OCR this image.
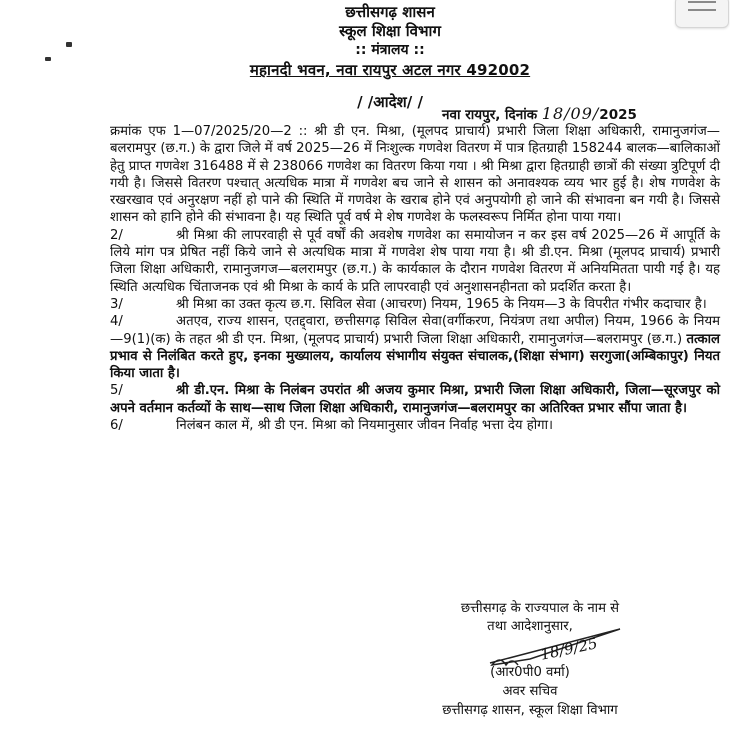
छत्तीसगढ़ शासन
स्कूल शिक्षा विभाग
:: मंत्रालय ::
महानदी भवन, नवा रायपुर अटल नगर 492002
/ /आदेश/ /
नवा रायपुर, दिनांक 18/09/2025

क्रमांक एफ 1—07/2025/20—2 :: श्री डी एन. मिश्रा, (मूलपद प्राचार्य) प्रभारी जिला शिक्षा अधिकारी, रामानुजगंज—बलरामपुर (छ.ग.) के द्वारा जिले में वर्ष 2025—26 में निःशुल्क गणवेश वितरण में पात्र हितग्राही 158244 बालक—बालिकाओं हेतु प्राप्त गणवेश 316488 में से 238066 गणवेश का वितरण किया गया । श्री मिश्रा द्वारा हितग्राही छात्रों की संख्या त्रुटिपूर्ण दी गयी है। जिससे वितरण पश्चात् अत्यधिक मात्रा में गणवेश बच जाने से शासन को अनावश्यक व्यय भार हुई है। शेष गणवेश के रखरखाव एवं अनुरक्षण नहीं हो पाने की स्थिति में गणवेश के खराब होने एवं अनुपयोगी हो जाने की संभावना बन गयी है। जिससे शासन को हानि होने की संभावना है। यह स्थिति पूर्व वर्ष मे शेष गणवेश के फलस्वरूप निर्मित होना पाया गया।

2/	श्री मिश्रा की लापरवाही से पूर्व वर्षों की अवशेष गणवेश का समायोजन न कर इस वर्ष 2025—26 में आपूर्ति के लिये मांग पत्र प्रेषित नहीं किये जाने से अत्यधिक मात्रा में गणवेश शेष पाया गया है। श्री डी.एन. मिश्रा (मूलपद प्राचार्य) प्रभारी जिला शिक्षा अधिकारी, रामानुजगज—बलरामपुर (छ.ग.) के कार्यकाल के दौरान गणवेश वितरण में अनियमितता पायी गई है। यह स्थिति अत्यधिक चिंताजनक एवं श्री मिश्रा के कार्य के प्रति लापरवाही एवं अनुशासनहीनता को प्रदर्शित करता है।

3/	श्री मिश्रा का उक्त कृत्य छ.ग. सिविल सेवा (आचरण) नियम, 1965 के नियम—3 के विपरीत गंभीर कदाचार है।

4/	अतएव, राज्य शासन, एतद्द्वारा, छत्तीसगढ़ सिविल सेवा(वर्गीकरण, नियंत्रण तथा अपील) नियम, 1966 के नियम—9(1)(क) के तहत श्री डी एन. मिश्रा, (मूलपद प्राचार्य) प्रभारी जिला शिक्षा अधिकारी, रामानुजगंज—बलरामपुर (छ.ग.) तत्काल प्रभाव से निलंबित करते हुए, इनका मुख्यालय, कार्यालय संभागीय संयुक्त संचालक,(शिक्षा संभाग) सरगुजा(अम्बिकापुर) नियत किया जाता है।

5/	श्री डी.एन. मिश्रा के निलंबन उपरांत श्री अजय कुमार मिश्रा, प्रभारी जिला शिक्षा अधिकारी, जिला—सूरजपुर को अपने वर्तमान कर्तव्यों के साथ—साथ जिला शिक्षा अधिकारी, रामानुजगंज—बलरामपुर का अतिरिक्त प्रभार सौंपा जाता है।

6/	निलंबन काल में, श्री डी एन. मिश्रा को नियमानुसार जीवन निर्वाह भत्ता देय होगा।

छत्तीसगढ़ के राज्यपाल के नाम से
तथा आदेशानुसार,
18/9/25
(आर0पी0 वर्मा)
अवर सचिव
छत्तीसगढ़ शासन, स्कूल शिक्षा विभाग
